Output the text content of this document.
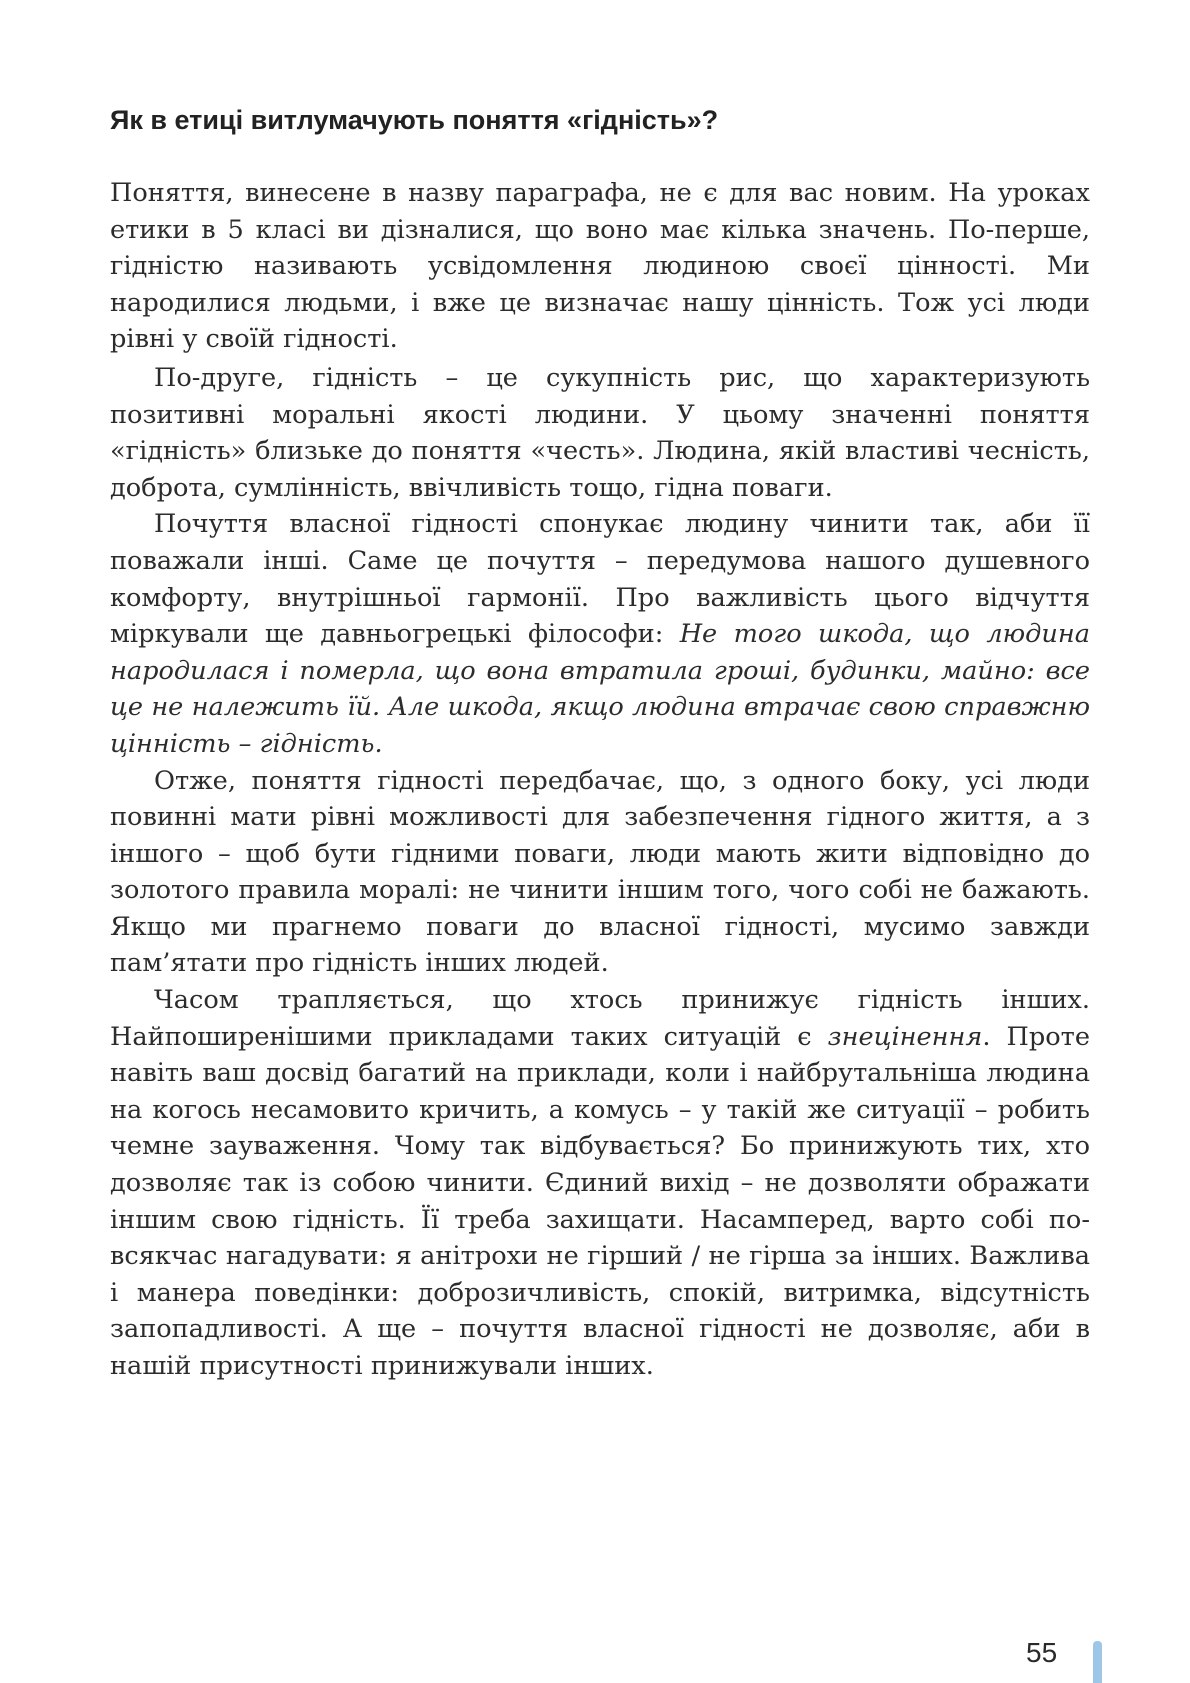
Як в етиці витлумачують поняття «гідність»?

Поняття, винесене в назву параграфа, не є для вас новим. На уроках етики в 5 класі ви дізналися, що воно має кілька значень. По-перше, гідністю називають усвідомлення людиною своєї цінності. Ми народилися людьми, і вже це визначає нашу цінність. Тож усі люди рівні у своїй гідності.

По-друге, гідність – це сукупність рис, що характеризують позитивні моральні якості людини. У цьому значенні поняття «гідність» близьке до поняття «честь». Людина, якій властиві чесність, доброта, сумлінність, ввічливість тощо, гідна поваги.

Почуття власної гідності спонукає людину чинити так, аби її поважали інші. Саме це почуття – передумова нашого душевного комфорту, внутрішньої гармонії. Про важливість цього відчуття міркували ще давньогрецькі філософи: Не того шкода, що людина народилася і померла, що вона втратила гроші, будинки, майно: все це не належить їй. Але шкода, якщо людина втрачає свою справжню цінність – гідність.

Отже, поняття гідності передбачає, що, з одного боку, усі люди повинні мати рівні можливості для забезпечення гідного життя, а з іншого – щоб бути гідними поваги, люди мають жити відповідно до золотого правила моралі: не чинити іншим того, чого собі не бажають. Якщо ми прагнемо поваги до власної гідності, мусимо завжди пам’ятати про гідність інших людей.

Часом трапляється, що хтось принижує гідність інших. Найпоширенішими прикладами таких ситуацій є знецінення. Проте навіть ваш досвід багатий на приклади, коли і найбрутальніша людина на когось несамовито кричить, а комусь – у такій же ситуації – робить чемне зауваження. Чому так відбувається? Бо принижують тих, хто дозволяє так із собою чинити. Єдиний вихід – не дозволяти ображати іншим свою гідність. Її треба захищати. Насамперед, варто собі повсякчас нагадувати: я анітрохи не гірший / не гірша за інших. Важлива і манера поведінки: доброзичливість, спокій, витримка, відсутність запопадливості. А ще – почуття власної гідності не дозволяє, аби в нашій присутності принижували інших.

55
